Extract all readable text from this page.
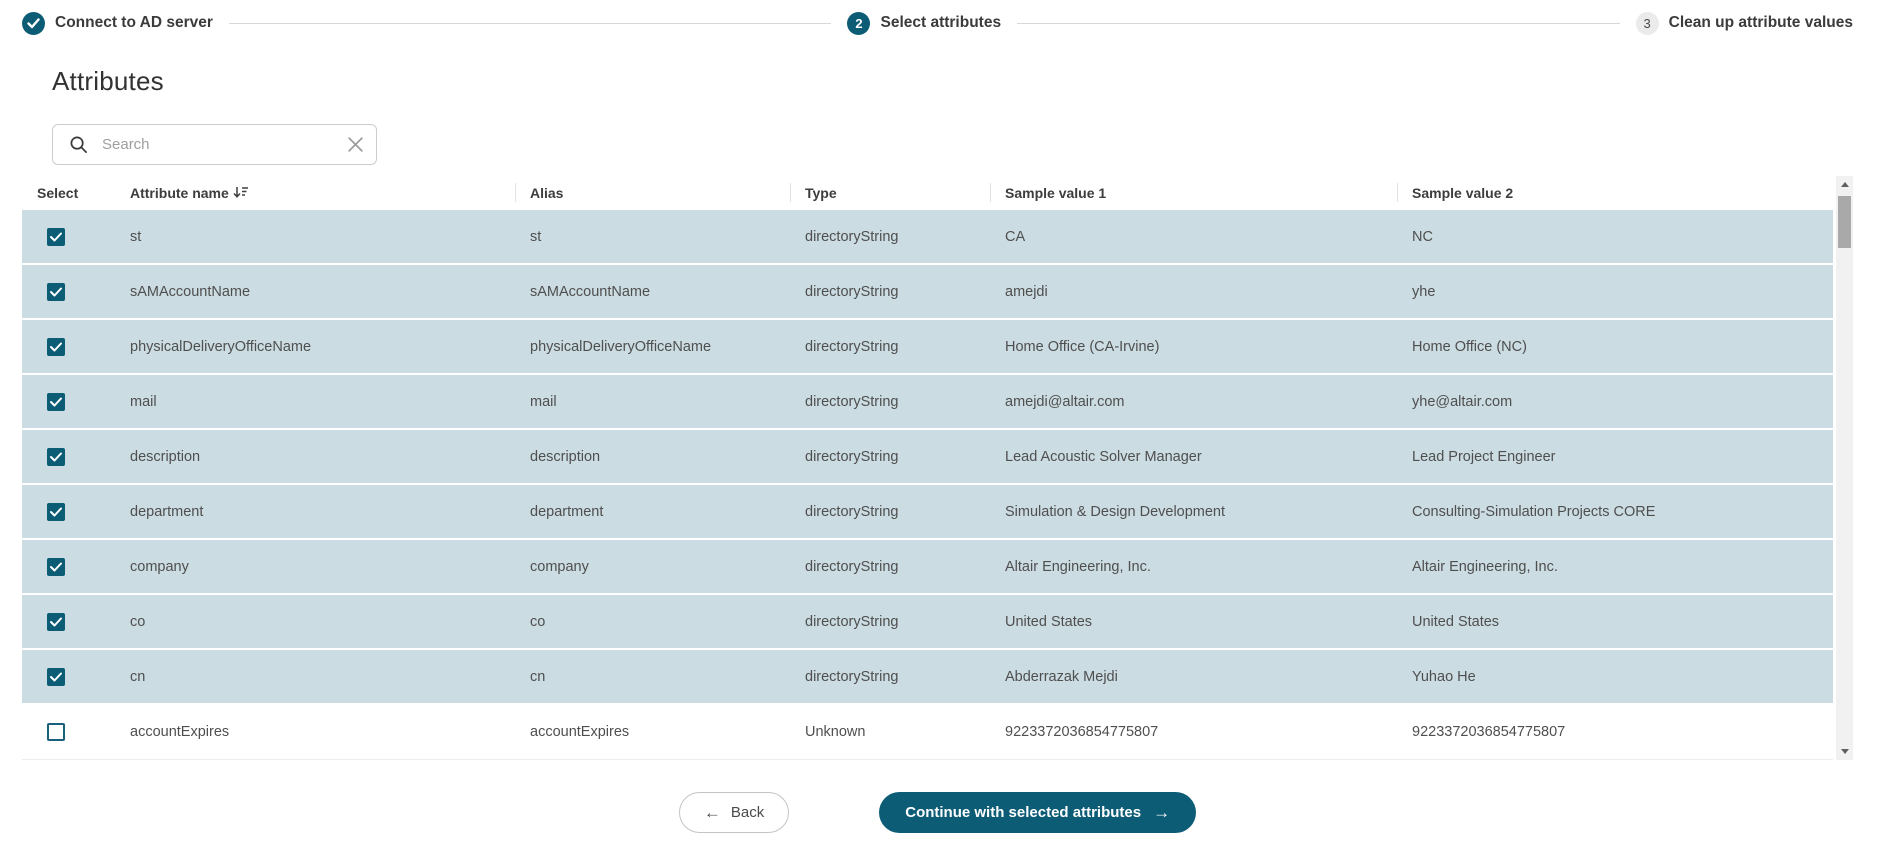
Connect to AD server	2	Select attributes	3	Clean up attribute values
Attributes
Search
Select	Attribute name	Alias	Type	Sample value 1	Sample value 2
st	st	directoryString	CA	NC
sAMAccountName	sAMAccountName	directoryString	amejdi	yhe
physicalDeliveryOfficeName	physicalDeliveryOfficeName	directoryString	Home Office (CA-Irvine)	Home Office (NC)
mail	mail	directoryString	amejdi@altair.com	yhe@altair.com
description	description	directoryString	Lead Acoustic Solver Manager	Lead Project Engineer
department	department	directoryString	Simulation & Design Development	Consulting-Simulation Projects CORE
company	company	directoryString	Altair Engineering, Inc.	Altair Engineering, Inc.
co	co	directoryString	United States	United States
cn	cn	directoryString	Abderrazak Mejdi	Yuhao He
accountExpires	accountExpires	Unknown	9223372036854775807	9223372036854775807
← Back	Continue with selected attributes →
